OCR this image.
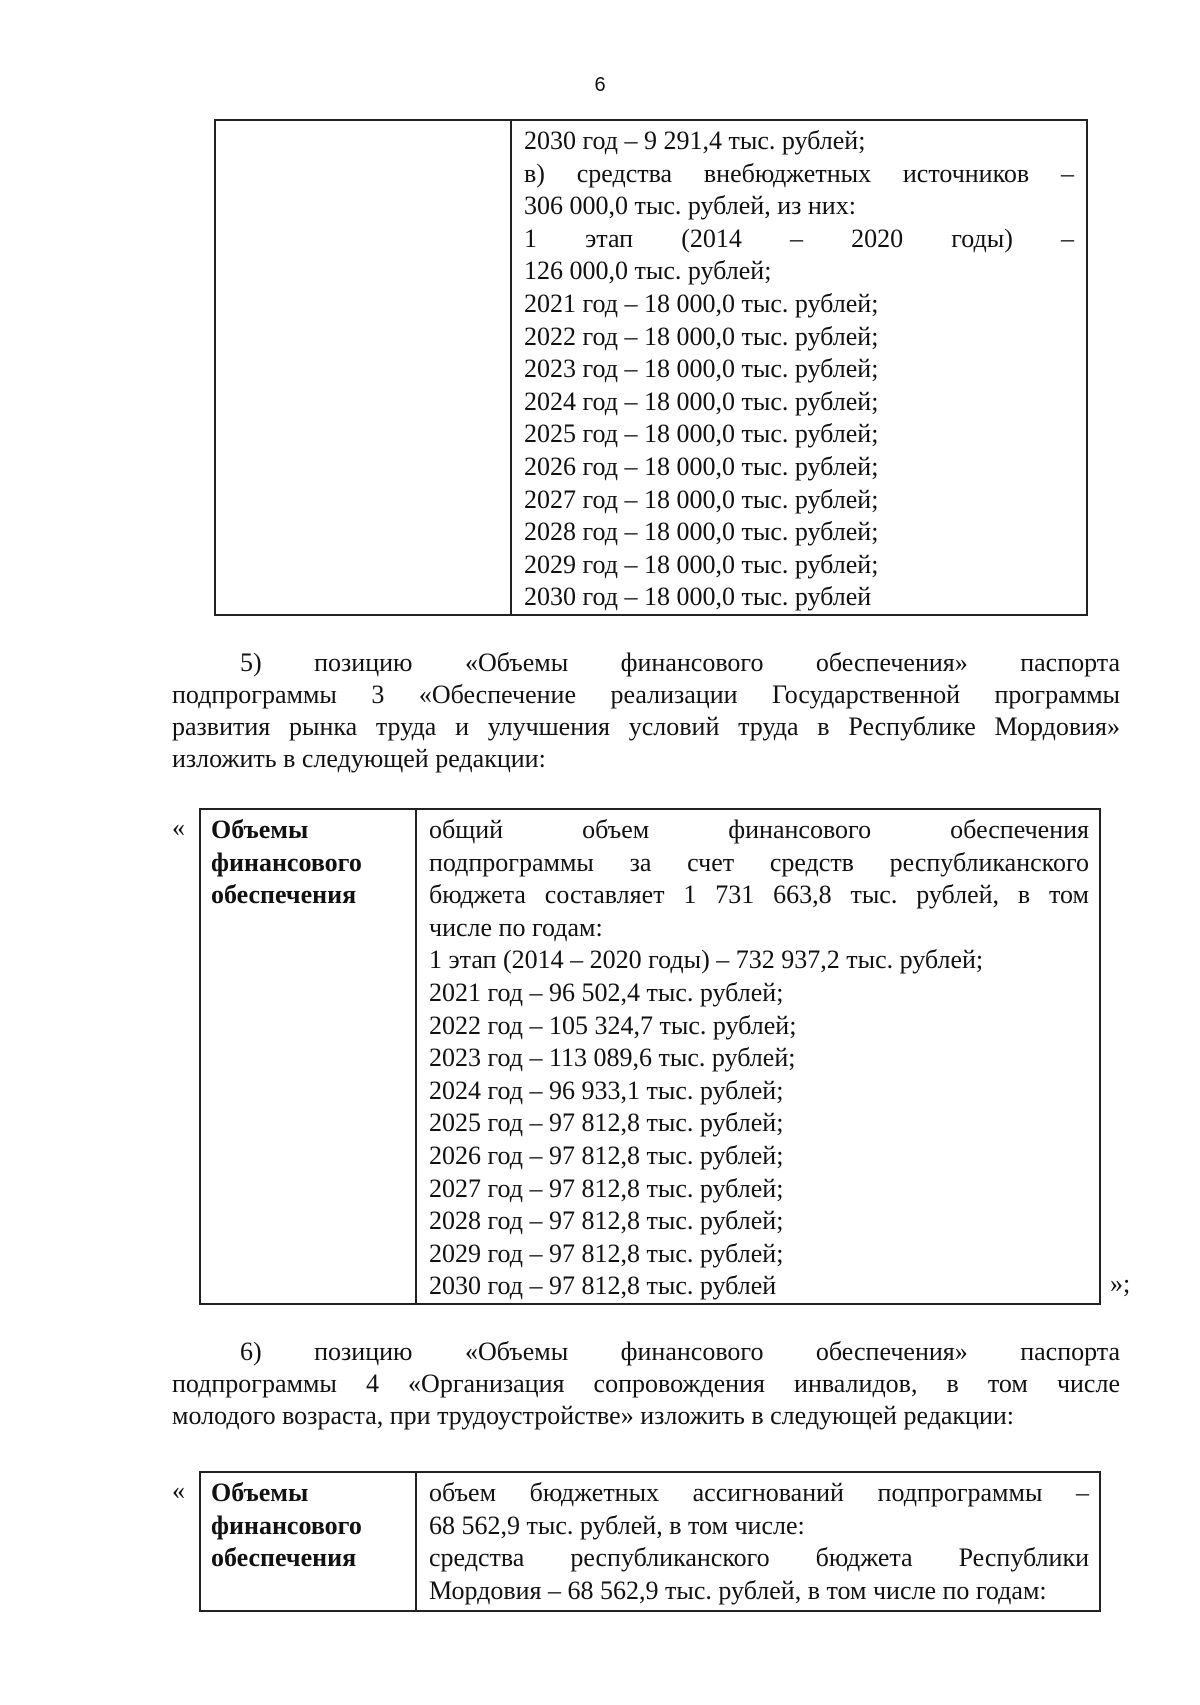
6

2030 год – 9 291,4 тыс. рублей;
в) средства внебюджетных источников –
306 000,0 тыс. рублей, из них:
1 этап (2014 – 2020 годы) –
126 000,0 тыс. рублей;
2021 год – 18 000,0 тыс. рублей;
2022 год – 18 000,0 тыс. рублей;
2023 год – 18 000,0 тыс. рублей;
2024 год – 18 000,0 тыс. рублей;
2025 год – 18 000,0 тыс. рублей;
2026 год – 18 000,0 тыс. рублей;
2027 год – 18 000,0 тыс. рублей;
2028 год – 18 000,0 тыс. рублей;
2029 год – 18 000,0 тыс. рублей;
2030 год – 18 000,0 тыс. рублей
5) позицию «Объемы финансового обеспечения» паспорта
подпрограммы 3 «Обеспечение реализации Государственной программы
развития рынка труда и улучшения условий труда в Республике Мордовия»
изложить в следующей редакции:
« Объемы
финансового
обеспечения

общий объем финансового обеспечения
подпрограммы за счет средств республиканского
бюджета составляет 1 731 663,8 тыс. рублей, в том
числе по годам:
1 этап (2014 – 2020 годы) – 732 937,2 тыс. рублей;
2021 год – 96 502,4 тыс. рублей;
2022 год – 105 324,7 тыс. рублей;
2023 год – 113 089,6 тыс. рублей;
2024 год – 96 933,1 тыс. рублей;
2025 год – 97 812,8 тыс. рублей;
2026 год – 97 812,8 тыс. рублей;
2027 год – 97 812,8 тыс. рублей;
2028 год – 97 812,8 тыс. рублей;
2029 год – 97 812,8 тыс. рублей;
2030 год – 97 812,8 тыс. рублей	»;
6) позицию «Объемы финансового обеспечения» паспорта
подпрограммы 4 «Организация сопровождения инвалидов, в том числе
молодого возраста, при трудоустройстве» изложить в следующей редакции:
« Объемы
финансового
обеспечения

объем бюджетных ассигнований подпрограммы –
68 562,9 тыс. рублей, в том числе:
средства республиканского бюджета Республики
Мордовия – 68 562,9 тыс. рублей, в том числе по годам:
